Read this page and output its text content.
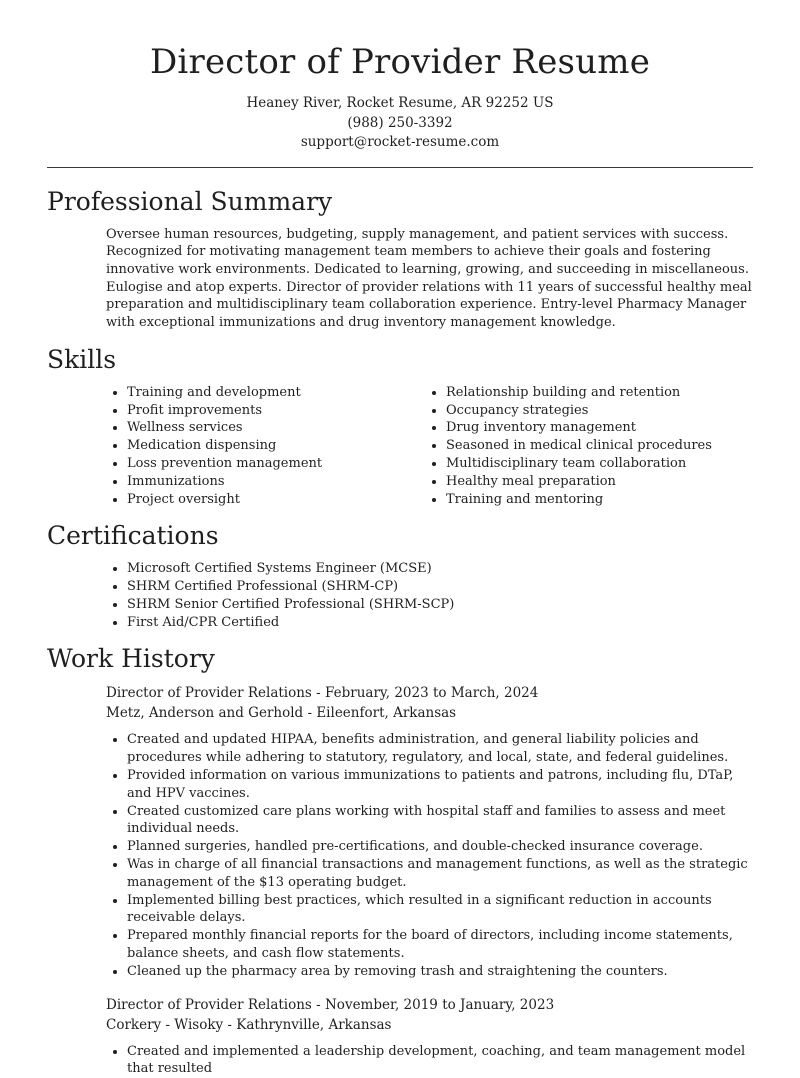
Director of Provider Resume
Heaney River, Rocket Resume, AR 92252 US
(988) 250-3392
support@rocket-resume.com
Professional Summary

Oversee human resources, budgeting, supply management, and patient services with success. Recognized for motivating management team members to achieve their goals and fostering innovative work environments. Dedicated to learning, growing, and succeeding in miscellaneous. Eulogise and atop experts. Director of provider relations with 11 years of successful healthy meal preparation and multidisciplinary team collaboration experience. Entry-level Pharmacy Manager with exceptional immunizations and drug inventory management knowledge.

Skills
• Training and development
• Profit improvements
• Wellness services
• Medication dispensing
• Loss prevention management
• Immunizations
• Project oversight
• Relationship building and retention
• Occupancy strategies
• Drug inventory management
• Seasoned in medical clinical procedures
• Multidisciplinary team collaboration
• Healthy meal preparation
• Training and mentoring
Certifications
• Microsoft Certified Systems Engineer (MCSE)
• SHRM Certified Professional (SHRM-CP)
• SHRM Senior Certified Professional (SHRM-SCP)
• First Aid/CPR Certified
Work History
Director of Provider Relations - February, 2023 to March, 2024
Metz, Anderson and Gerhold - Eileenfort, Arkansas
• Created and updated HIPAA, benefits administration, and general liability policies and procedures while adhering to statutory, regulatory, and local, state, and federal guidelines.
• Provided information on various immunizations to patients and patrons, including flu, DTaP, and HPV vaccines.
• Created customized care plans working with hospital staff and families to assess and meet individual needs.
• Planned surgeries, handled pre-certifications, and double-checked insurance coverage.
• Was in charge of all financial transactions and management functions, as well as the strategic management of the $13 operating budget.
• Implemented billing best practices, which resulted in a significant reduction in accounts receivable delays.
• Prepared monthly financial reports for the board of directors, including income statements, balance sheets, and cash flow statements.
• Cleaned up the pharmacy area by removing trash and straightening the counters.
Director of Provider Relations - November, 2019 to January, 2023
Corkery - Wisoky - Kathrynville, Arkansas
• Created and implemented a leadership development, coaching, and team management model that resulted
